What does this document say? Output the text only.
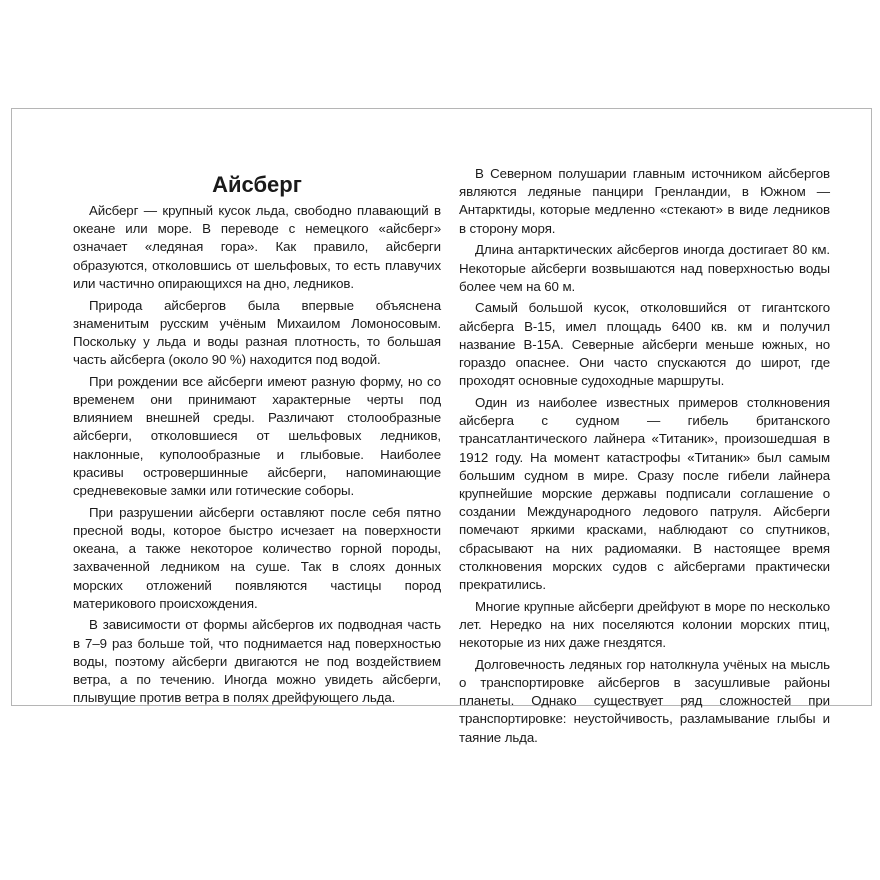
Айсберг

Айсберг — крупный кусок льда, свободно плавающий в океане или море. В переводе с немецкого «айсберг» означает «ледяная гора». Как правило, айсберги образуются, отколовшись от шельфовых, то есть плавучих или частично опирающихся на дно, ледников.

Природа айсбергов была впервые объяснена знаменитым русским учёным Михаилом Ломоносовым. Поскольку у льда и воды разная плотность, то большая часть айсберга (около 90 %) находится под водой.

При рождении все айсберги имеют разную форму, но со временем они принимают характерные черты под влиянием внешней среды. Различают столообразные айсберги, отколовшиеся от шельфовых ледников, наклонные, куполообразные и глыбовые. Наиболее красивы островершинные айсберги, напоминающие средневековые замки или готические соборы.

При разрушении айсберги оставляют после себя пятно пресной воды, которое быстро исчезает на поверхности океана, а также некоторое количество горной породы, захваченной ледником на суше. Так в слоях донных морских отложений появляются частицы пород материкового происхождения.

В зависимости от формы айсбергов их подводная часть в 7–9 раз больше той, что поднимается над поверхностью воды, поэтому айсберги двигаются не под воздействием ветра, а по течению. Иногда можно увидеть айсберги, плывущие против ветра в полях дрейфующего льда.

В Северном полушарии главным источником айсбергов являются ледяные панцири Гренландии, в Южном — Антарктиды, которые медленно «стекают» в виде ледников в сторону моря.

Длина антарктических айсбергов иногда достигает 80 км. Некоторые айсберги возвышаются над поверхностью воды более чем на 60 м.

Самый большой кусок, отколовшийся от гигантского айсберга B-15, имел площадь 6400 кв. км и получил название B-15A. Северные айсберги меньше южных, но гораздо опаснее. Они часто спускаются до широт, где проходят основные судоходные маршруты.

Один из наиболее известных примеров столкновения айсберга с судном — гибель британского трансатлантического лайнера «Титаник», произошедшая в 1912 году. На момент катастрофы «Титаник» был самым большим судном в мире. Сразу после гибели лайнера крупнейшие морские державы подписали соглашение о создании Международного ледового патруля. Айсберги помечают яркими красками, наблюдают со спутников, сбрасывают на них радиомаяки. В настоящее время столкновения морских судов с айсбергами практически прекратились.

Многие крупные айсберги дрейфуют в море по несколько лет. Нередко на них поселяются колонии морских птиц, некоторые из них даже гнездятся.

Долговечность ледяных гор натолкнула учёных на мысль о транспортировке айсбергов в засушливые районы планеты. Однако существует ряд сложностей при транспортировке: неустойчивость, разламывание глыбы и таяние льда.
